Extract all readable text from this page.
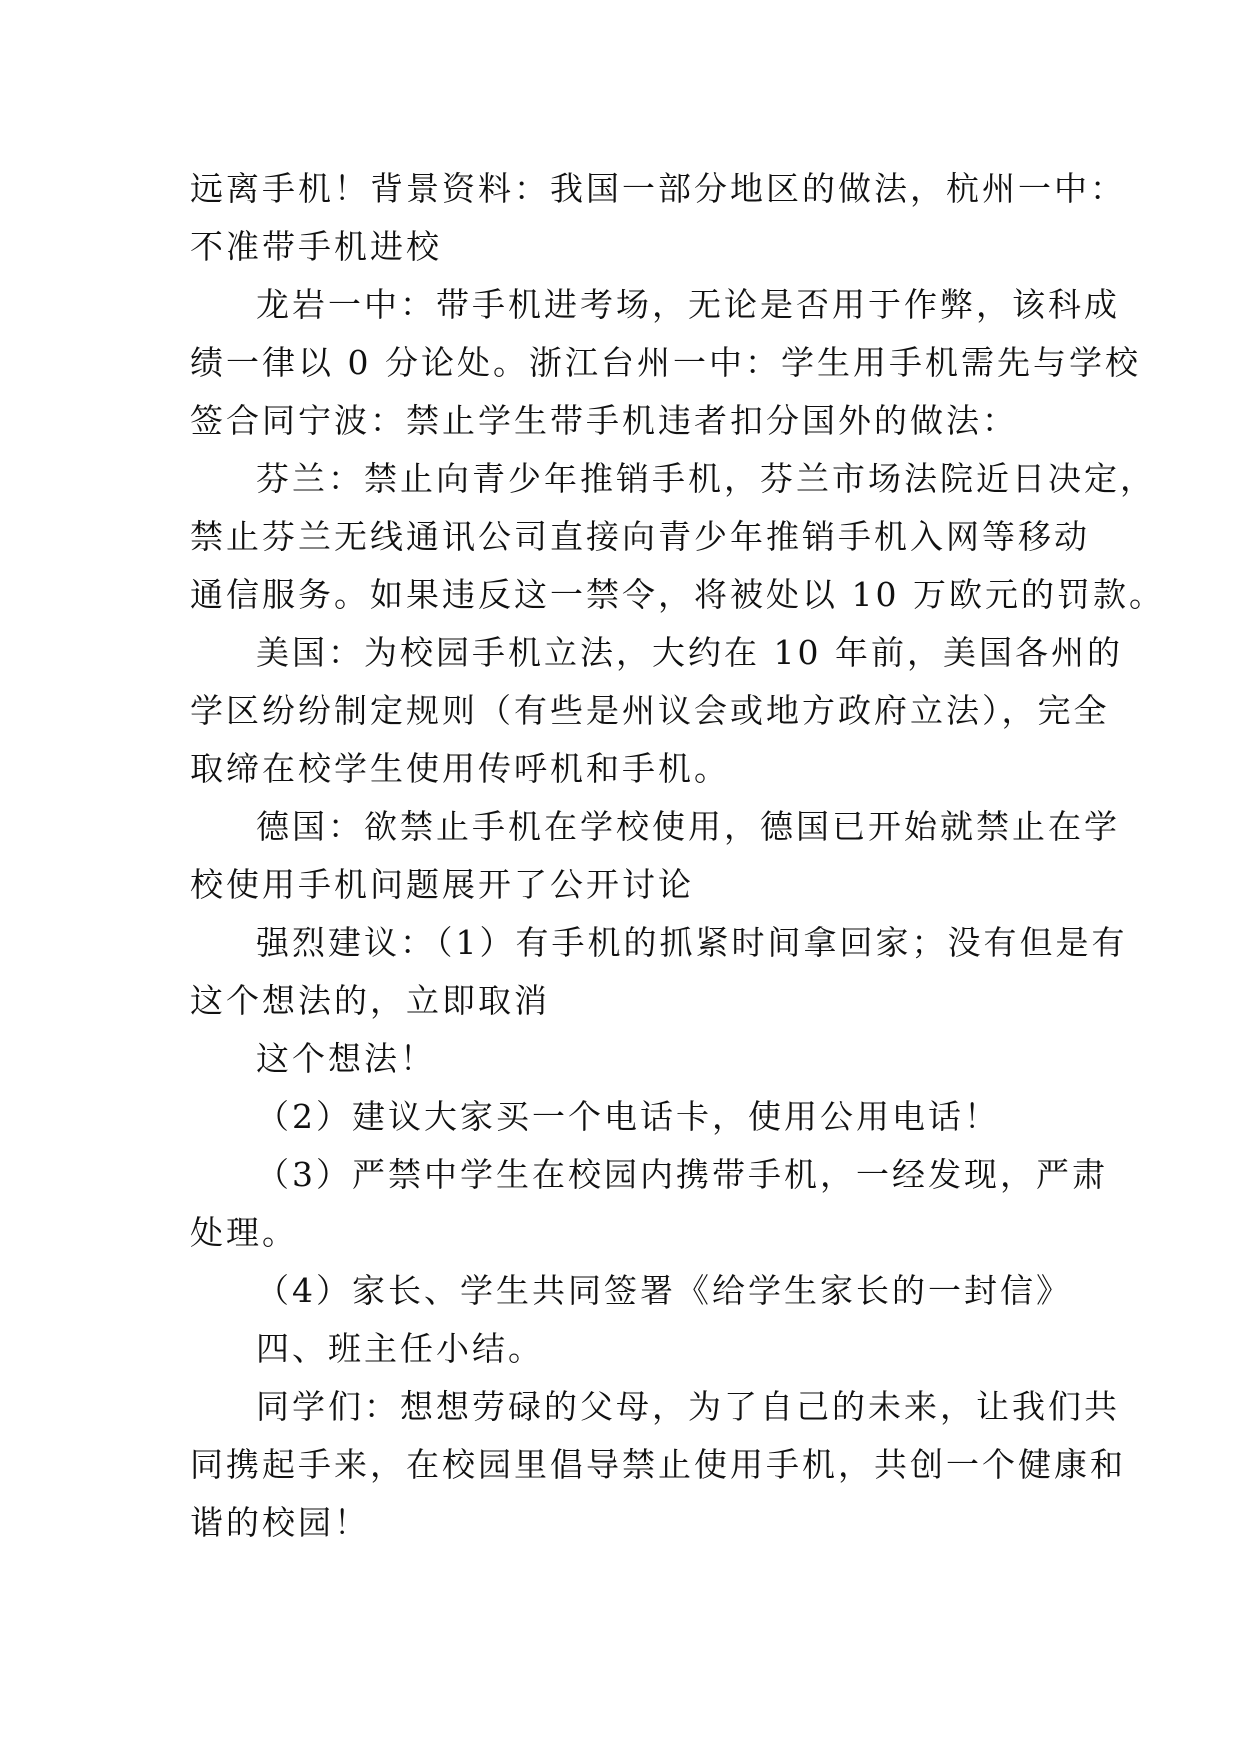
远离手机！背景资料：我国一部分地区的做法，杭州一中：
不准带手机进校

龙岩一中：带手机进考场，无论是否用于作弊，该科成
绩一律以 0 分论处。浙江台州一中：学生用手机需先与学校
签合同宁波：禁止学生带手机违者扣分国外的做法：

芬兰：禁止向青少年推销手机，芬兰市场法院近日决定，
禁止芬兰无线通讯公司直接向青少年推销手机入网等移动
通信服务。如果违反这一禁令，将被处以 10 万欧元的罚款。

美国：为校园手机立法，大约在 10 年前，美国各州的
学区纷纷制定规则（有些是州议会或地方政府立法），完全
取缔在校学生使用传呼机和手机。

德国：欲禁止手机在学校使用，德国已开始就禁止在学
校使用手机问题展开了公开讨论

强烈建议：（1）有手机的抓紧时间拿回家；没有但是有
这个想法的，立即取消

这个想法！

（2）建议大家买一个电话卡，使用公用电话！

（3）严禁中学生在校园内携带手机，一经发现，严肃
处理。

（4）家长、学生共同签署《给学生家长的一封信》

四、班主任小结。

同学们：想想劳碌的父母，为了自己的未来，让我们共
同携起手来，在校园里倡导禁止使用手机，共创一个健康和
谐的校园！
